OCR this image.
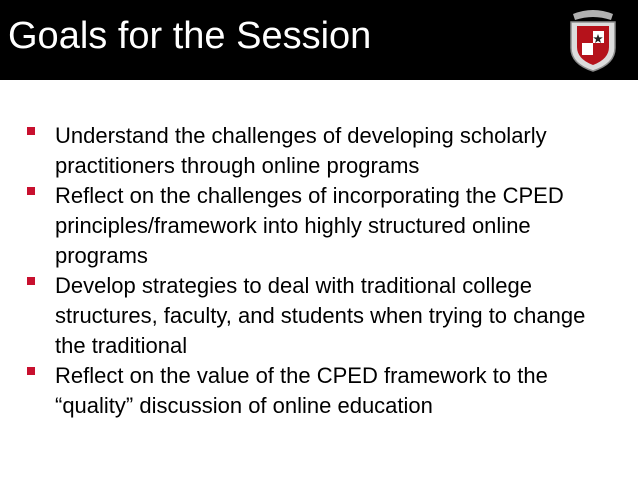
Goals for the Session
Understand the challenges of developing scholarly practitioners through online programs
Reflect on the challenges of incorporating the CPED principles/framework into highly structured online programs
Develop strategies to deal with traditional college structures, faculty, and students when trying to change the traditional
Reflect on the value of the CPED framework to the “quality” discussion of online education
